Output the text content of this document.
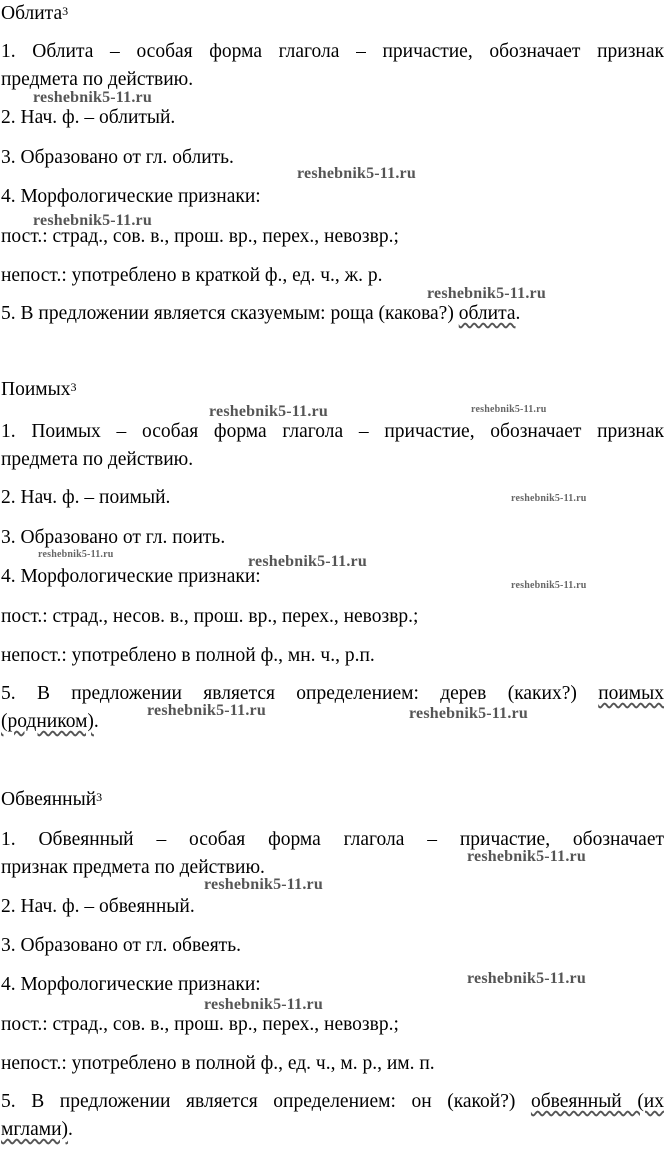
Облита$^3$
1. Облита – особая форма глагола – причастие, обозначает признак
предмета по действию.
2. Нач. ф. – облитый.
3. Образовано от гл. облить.
4. Морфологические признаки:
пост.: страд., сов. в., прош. вр., перех., невозвр.;
непост.: употреблено в краткой ф., ед. ч., ж. р.
5. В предложении является сказуемым: роща (какова?) облита.
Поимых$^3$
1. Поимых – особая форма глагола – причастие, обозначает признак
предмета по действию.
2. Нач. ф. – поимый.
3. Образовано от гл. поить.
4. Морфологические признаки:
пост.: страд., несов. в., прош. вр., перех., невозвр.;
непост.: употреблено в полной ф., мн. ч., р.п.
5. В предложении является определением: дерев (каких?) поимых
(родником).
Обвеянный$^3$
1. Обвеянный – особая форма глагола – причастие, обозначает
признак предмета по действию.
2. Нач. ф. – обвеянный.
3. Образовано от гл. обвеять.
4. Морфологические признаки:
пост.: страд., сов. в., прош. вр., перех., невозвр.;
непост.: употреблено в полной ф., ед. ч., м. р., им. п.
5. В предложении является определением: он (какой?) обвеянный (их
мглами).
reshebnik5-11.ru
reshebnik5-11.ru
reshebnik5-11.ru
reshebnik5-11.ru
reshebnik5-11.ru	reshebnik5-11.ru
reshebnik5-11.ru
reshebnik5-11.ru	reshebnik5-11.ru
reshebnik5-11.ru
reshebnik5-11.ru	reshebnik5-11.ru
reshebnik5-11.ru
reshebnik5-11.ru
reshebnik5-11.ru
reshebnik5-11.ru
